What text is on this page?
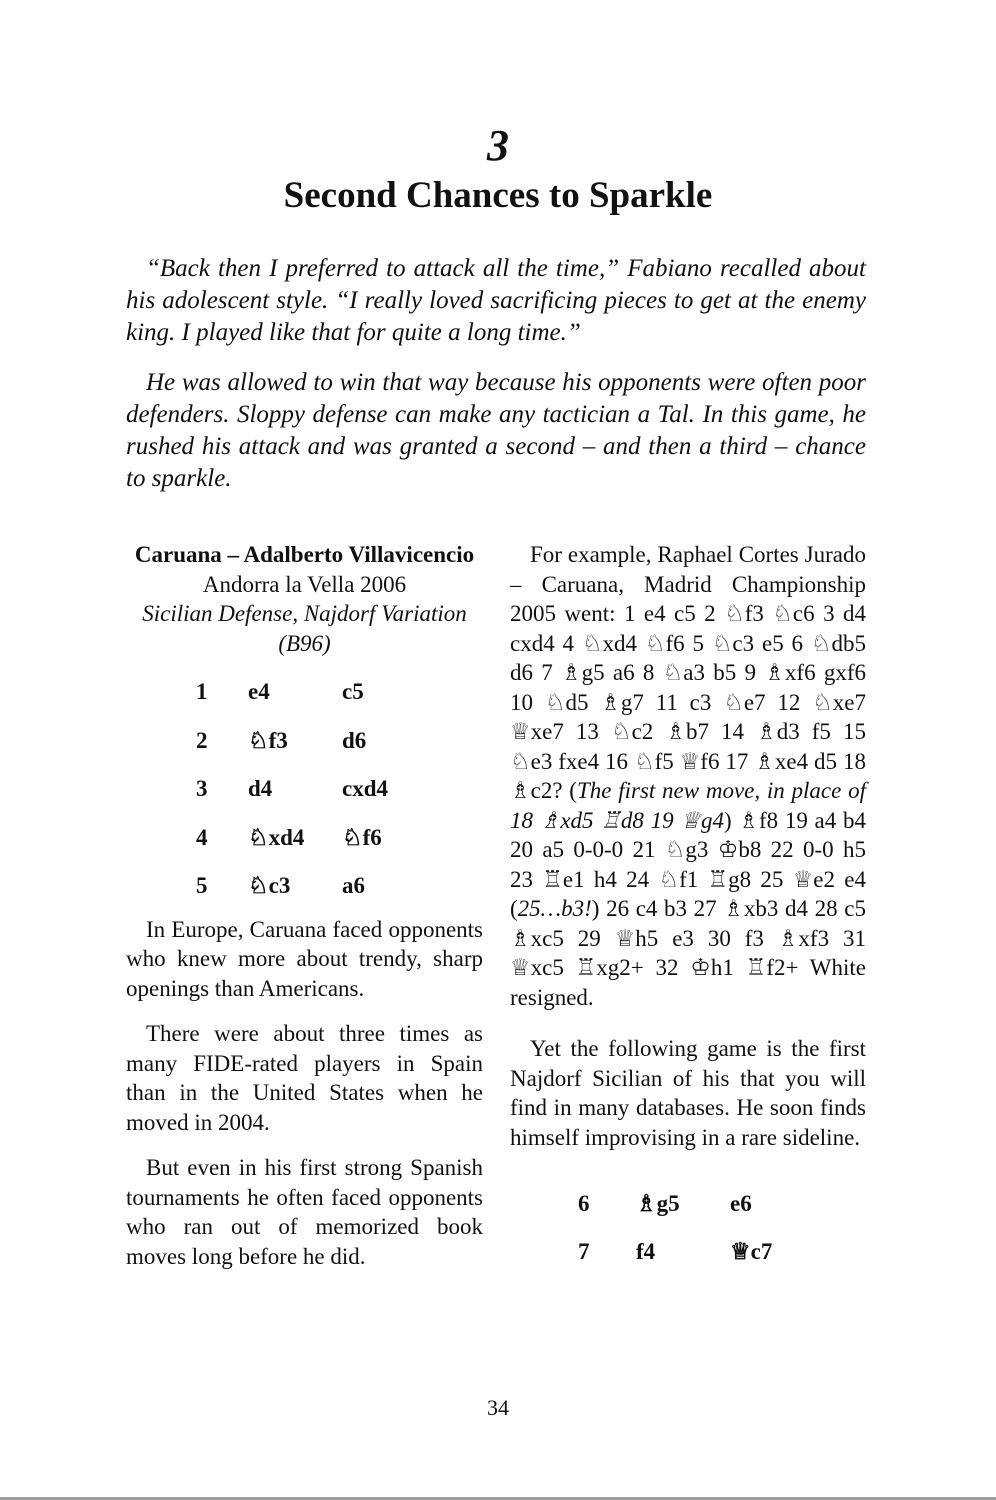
3
Second Chances to Sparkle

“Back then I preferred to attack all the time,” Fabiano recalled about his adolescent style. “I really loved sacrificing pieces to get at the enemy king. I played like that for quite a long time.”

He was allowed to win that way because his opponents were often poor defenders. Sloppy defense can make any tactician a Tal. In this game, he rushed his attack and was granted a second – and then a third – chance to sparkle.

Caruana – Adalberto Villavicencio
Andorra la Vella 2006
Sicilian Defense, Najdorf Variation (B96)
1	e4	c5
2	♘f3	d6
3	d4	cxd4
4	♘xd4	♘f6
5	♘c3	a6

In Europe, Caruana faced opponents who knew more about trendy, sharp openings than Americans.

There were about three times as many FIDE-rated players in Spain than in the United States when he moved in 2004.

But even in his first strong Spanish tournaments he often faced opponents who ran out of memorized book moves long before he did.

For example, Raphael Cortes Jurado – Caruana, Madrid Championship 2005 went: 1 e4 c5 2 ♘f3 ♘c6 3 d4 cxd4 4 ♘xd4 ♘f6 5 ♘c3 e5 6 ♘db5 d6 7 ♗g5 a6 8 ♘a3 b5 9 ♗xf6 gxf6 10 ♘d5 ♗g7 11 c3 ♘e7 12 ♘xe7 ♕xe7 13 ♘c2 ♗b7 14 ♗d3 f5 15 ♘e3 fxe4 16 ♘f5 ♕f6 17 ♗xe4 d5 18 ♗c2? (The first new move, in place of 18 ♗xd5 ♖d8 19 ♕g4) ♗f8 19 a4 b4 20 a5 0-0-0 21 ♘g3 ♔b8 22 0-0 h5 23 ♖e1 h4 24 ♘f1 ♖g8 25 ♕e2 e4 (25…b3!) 26 c4 b3 27 ♗xb3 d4 28 c5 ♗xc5 29 ♕h5 e3 30 f3 ♗xf3 31 ♕xc5 ♖xg2+ 32 ♔h1 ♖f2+ White resigned.

Yet the following game is the first Najdorf Sicilian of his that you will find in many databases. He soon finds himself improvising in a rare sideline.

6	♗g5	e6
7	f4	♕c7
34
